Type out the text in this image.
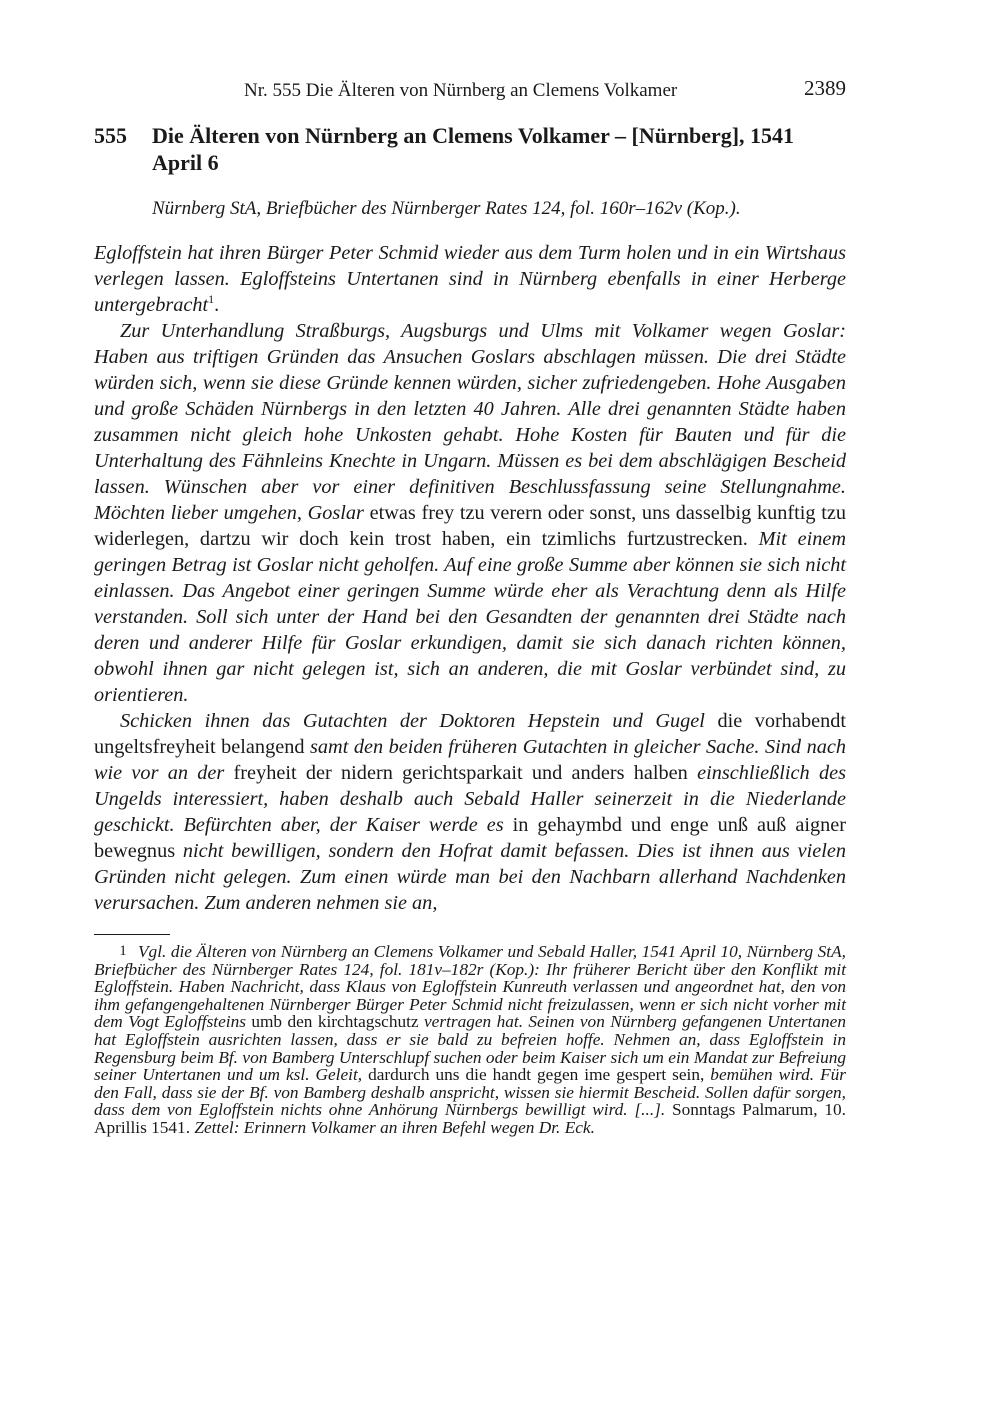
Nr. 555 Die Älteren von Nürnberg an Clemens Volkamer	2389
555	Die Älteren von Nürnberg an Clemens Volkamer – [Nürnberg], 1541 April 6
Nürnberg StA, Briefbücher des Nürnberger Rates 124, fol. 160r–162v (Kop.).

Egloffstein hat ihren Bürger Peter Schmid wieder aus dem Turm holen und in ein Wirtshaus verlegen lassen. Egloffsteins Untertanen sind in Nürnberg ebenfalls in einer Herberge untergebracht$^1$.

Zur Unterhandlung Straßburgs, Augsburgs und Ulms mit Volkamer wegen Goslar: Haben aus triftigen Gründen das Ansuchen Goslars abschlagen müssen. Die drei Städte würden sich, wenn sie diese Gründe kennen würden, sicher zufriedengeben. Hohe Ausgaben und große Schäden Nürnbergs in den letzten 40 Jahren. Alle drei genannten Städte haben zusammen nicht gleich hohe Unkosten gehabt. Hohe Kosten für Bauten und für die Unterhaltung des Fähnleins Knechte in Ungarn. Müssen es bei dem abschlägigen Bescheid lassen. Wünschen aber vor einer definitiven Beschlussfassung seine Stellungnahme. Möchten lieber umgehen, Goslar etwas frey tzu verern oder sonst, uns dasselbig kunftig tzu widerlegen, dartzu wir doch kein trost haben, ein tzimlichs furtzustrecken. Mit einem geringen Betrag ist Goslar nicht geholfen. Auf eine große Summe aber können sie sich nicht einlassen. Das Angebot einer geringen Summe würde eher als Verachtung denn als Hilfe verstanden. Soll sich unter der Hand bei den Gesandten der genannten drei Städte nach deren und anderer Hilfe für Goslar erkundigen, damit sie sich danach richten können, obwohl ihnen gar nicht gelegen ist, sich an anderen, die mit Goslar verbündet sind, zu orientieren.

Schicken ihnen das Gutachten der Doktoren Hepstein und Gugel die vorhabendt ungeltsfreyheit belangend samt den beiden früheren Gutachten in gleicher Sache. Sind nach wie vor an der freyheit der nidern gerichtsparkait und anders halben einschließlich des Ungelds interessiert, haben deshalb auch Sebald Haller seinerzeit in die Niederlande geschickt. Befürchten aber, der Kaiser werde es in gehaymbd und enge unß auß aigner bewegnus nicht bewilligen, sondern den Hofrat damit befassen. Dies ist ihnen aus vielen Gründen nicht gelegen. Zum einen würde man bei den Nachbarn allerhand Nachdenken verursachen. Zum anderen nehmen sie an,

1 Vgl. die Älteren von Nürnberg an Clemens Volkamer und Sebald Haller, 1541 April 10, Nürnberg StA, Briefbücher des Nürnberger Rates 124, fol. 181v–182r (Kop.): Ihr früherer Bericht über den Konflikt mit Egloffstein. Haben Nachricht, dass Klaus von Egloffstein Kunreuth verlassen und angeordnet hat, den von ihm gefangengehaltenen Nürnberger Bürger Peter Schmid nicht freizulassen, wenn er sich nicht vorher mit dem Vogt Egloffsteins umb den kirchtagschutz vertragen hat. Seinen von Nürnberg gefangenen Untertanen hat Egloffstein ausrichten lassen, dass er sie bald zu befreien hoffe. Nehmen an, dass Egloffstein in Regensburg beim Bf. von Bamberg Unterschlupf suchen oder beim Kaiser sich um ein Mandat zur Befreiung seiner Untertanen und um ksl. Geleit, dardurch uns die handt gegen ime gespert sein, bemühen wird. Für den Fall, dass sie der Bf. von Bamberg deshalb anspricht, wissen sie hiermit Bescheid. Sollen dafür sorgen, dass dem von Egloffstein nichts ohne Anhörung Nürnbergs bewilligt wird. [...]. Sonntags Palmarum, 10. Aprillis 1541. Zettel: Erinnern Volkamer an ihren Befehl wegen Dr. Eck.
